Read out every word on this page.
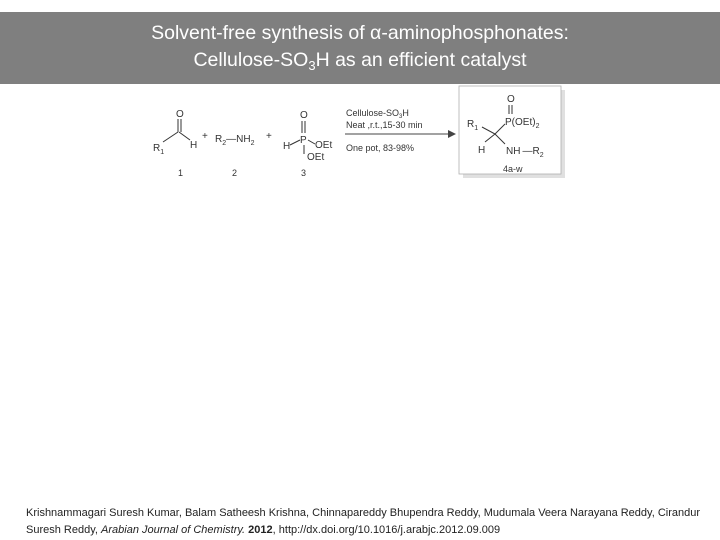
Solvent-free synthesis of α-aminophosphonates:
Cellulose-$SO_3H$ as an efficient catalyst
$R_1$
O
H
1
+ $R_2—NH_2$
2
+
O
P
H OEt
OEt
3
Cellulose-$SO_3H$
Neat ,r.t.,15-30 min
One pot, 83-98%
O
$P(OEt)_2$
$R_1$
H NH $—R_2$
4a-w
Krishnammagari Suresh Kumar, Balam Satheesh Krishna, Chinnapareddy Bhupendra Reddy, Mudumala Veera Narayana Reddy, Cirandur Suresh Reddy, Arabian Journal of Chemistry. 2012, http://dx.doi.org/10.1016/j.arabjc.2012.09.009
